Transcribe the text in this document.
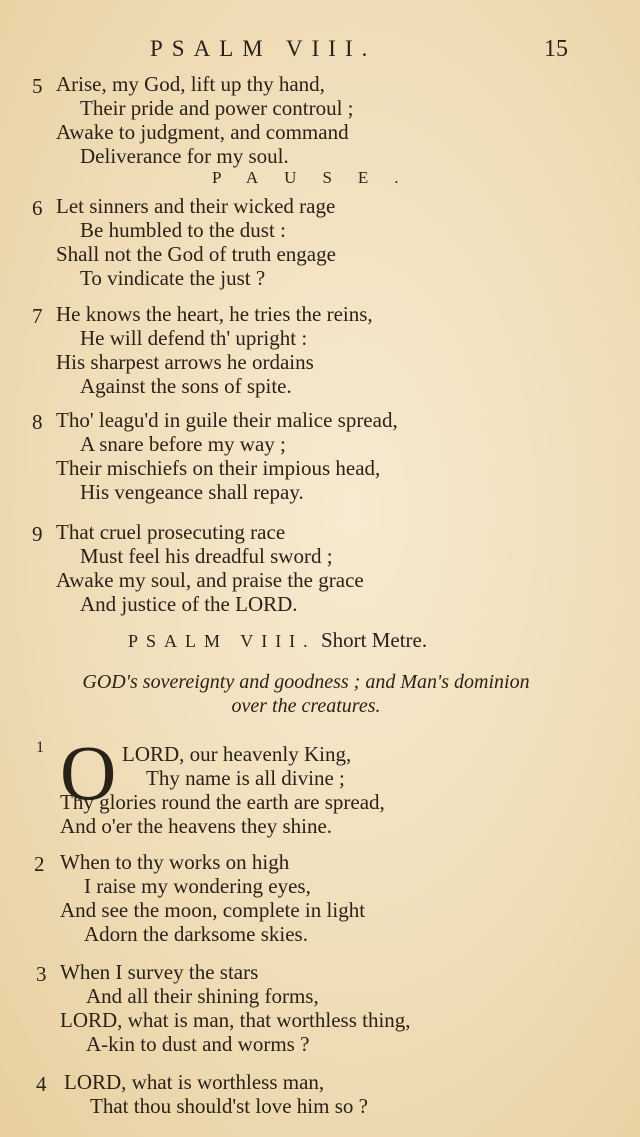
PSALM VIII.	15
5 Arise, my God, lift up thy hand,
Their pride and power controul ;
Awake to judgment, and command
Deliverance for my soul.
PAUSE.
6 Let sinners and their wicked rage
Be humbled to the dust :
Shall not the God of truth engage
To vindicate the just ?
7 He knows the heart, he tries the reins,
He will defend th' upright :
His sharpest arrows he ordains
Against the sons of spite.
8 Tho' leagu'd in guile their malice spread,
A snare before my way ;
Their mischiefs on their impious head,
His vengeance shall repay.
9 That cruel prosecuting race
Must feel his dreadful sword ;
Awake my soul, and praise the grace
And justice of the LORD.
PSALM VIII. Short Metre.
GOD's sovereignty and goodness ; and Man's dominion
over the creatures.
1 O LORD, our heavenly King,
Thy name is all divine ;
Thy glories round the earth are spread,
And o'er the heavens they shine.
2 When to thy works on high
I raise my wondering eyes,
And see the moon, complete in light
Adorn the darksome skies.
3 When I survey the stars
And all their shining forms,
LORD, what is man, that worthless thing,
A-kin to dust and worms ?
4 LORD, what is worthless man,
That thou should'st love him so ?
